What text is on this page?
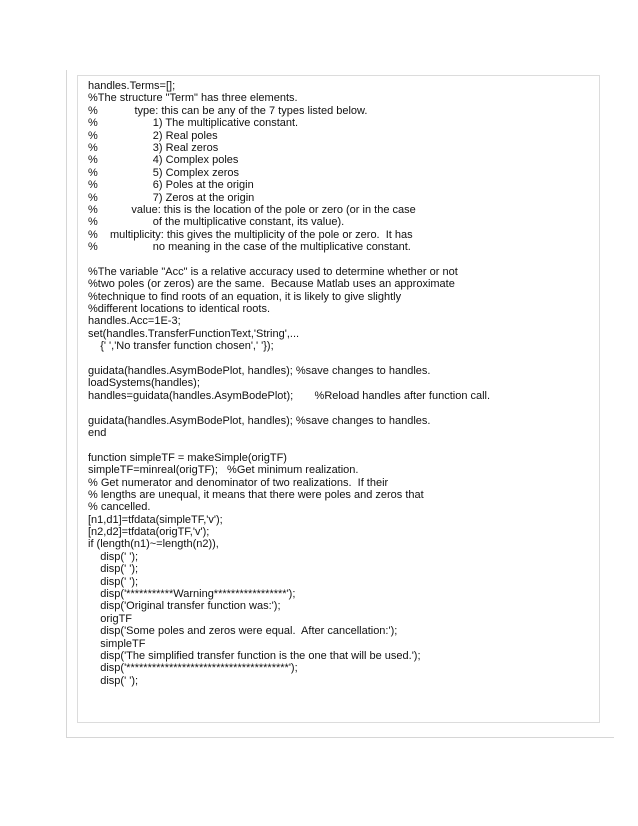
handles.Terms=[];
%The structure "Term" has three elements.
%            type: this can be any of the 7 types listed below.
%                  1) The multiplicative constant.
%                  2) Real poles
%                  3) Real zeros
%                  4) Complex poles
%                  5) Complex zeros
%                  6) Poles at the origin
%                  7) Zeros at the origin
%           value: this is the location of the pole or zero (or in the case
%                  of the multiplicative constant, its value).
%    multiplicity: this gives the multiplicity of the pole or zero.  It has
%                  no meaning in the case of the multiplicative constant.
%The variable "Acc" is a relative accuracy used to determine whether or not
%two poles (or zeros) are the same.  Because Matlab uses an approximate
%technique to find roots of an equation, it is likely to give slightly
%different locations to identical roots.
handles.Acc=1E-3;
set(handles.TransferFunctionText,'String',...
{' ','No transfer function chosen',' '});
guidata(handles.AsymBodePlot, handles); %save changes to handles.
loadSystems(handles);
handles=guidata(handles.AsymBodePlot);       %Reload handles after function call.
guidata(handles.AsymBodePlot, handles); %save changes to handles.
end
function simpleTF = makeSimple(origTF)
simpleTF=minreal(origTF);   %Get minimum realization.
% Get numerator and denominator of two realizations.  If their
% lengths are unequal, it means that there were poles and zeros that
% cancelled.
[n1,d1]=tfdata(simpleTF,'v');
[n2,d2]=tfdata(origTF,'v');
if (length(n1)~=length(n2)),
disp(' ');
disp(' ');
disp(' ');
disp('***********Warning*****************');
disp('Original transfer function was:');
origTF
disp('Some poles and zeros were equal.  After cancellation:');
simpleTF
disp('The simplified transfer function is the one that will be used.');
disp('**************************************');
disp(' ');
